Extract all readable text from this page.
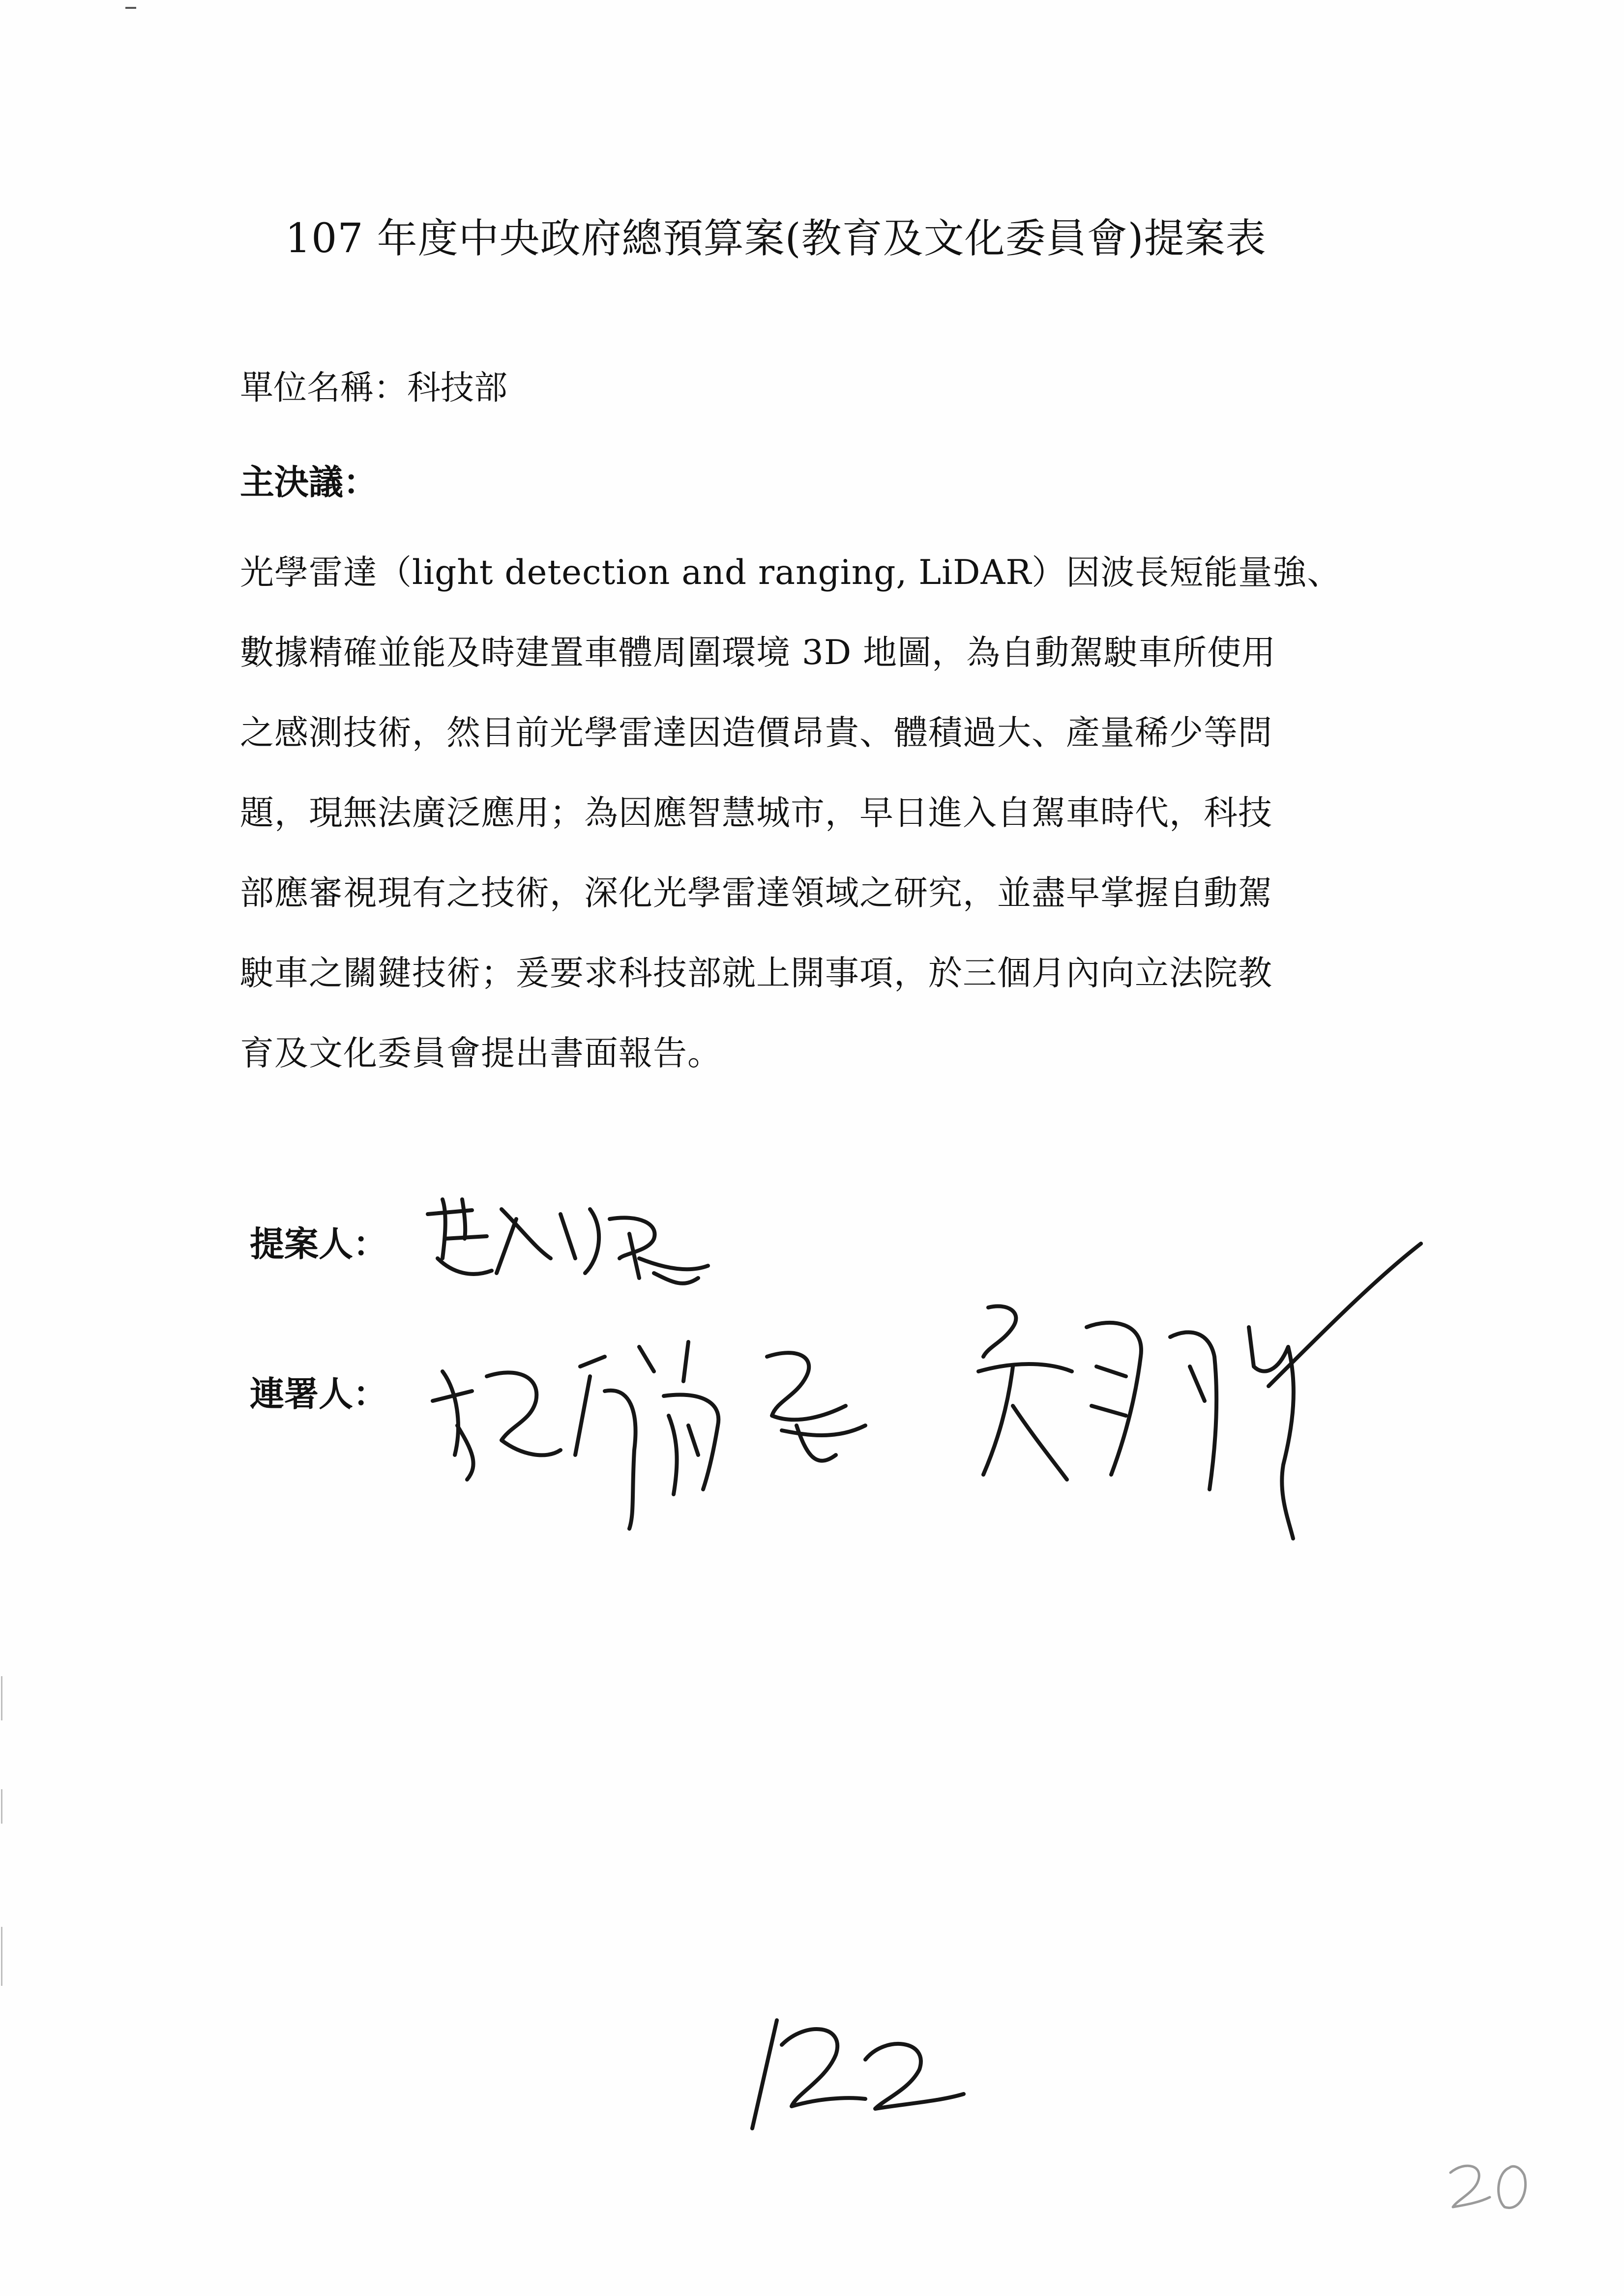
107 年度中央政府總預算案(教育及文化委員會)提案表
單位名稱：科技部
主決議：
光學雷達（light detection and ranging, LiDAR）因波長短能量強、
數據精確並能及時建置車體周圍環境 3D 地圖，為自動駕駛車所使用
之感測技術，然目前光學雷達因造價昂貴、體積過大、產量稀少等問
題，現無法廣泛應用；為因應智慧城市，早日進入自駕車時代，科技
部應審視現有之技術，深化光學雷達領域之研究，並盡早掌握自動駕
駛車之關鍵技術；爰要求科技部就上開事項，於三個月內向立法院教
育及文化委員會提出書面報告。
提案人：
連署人：
